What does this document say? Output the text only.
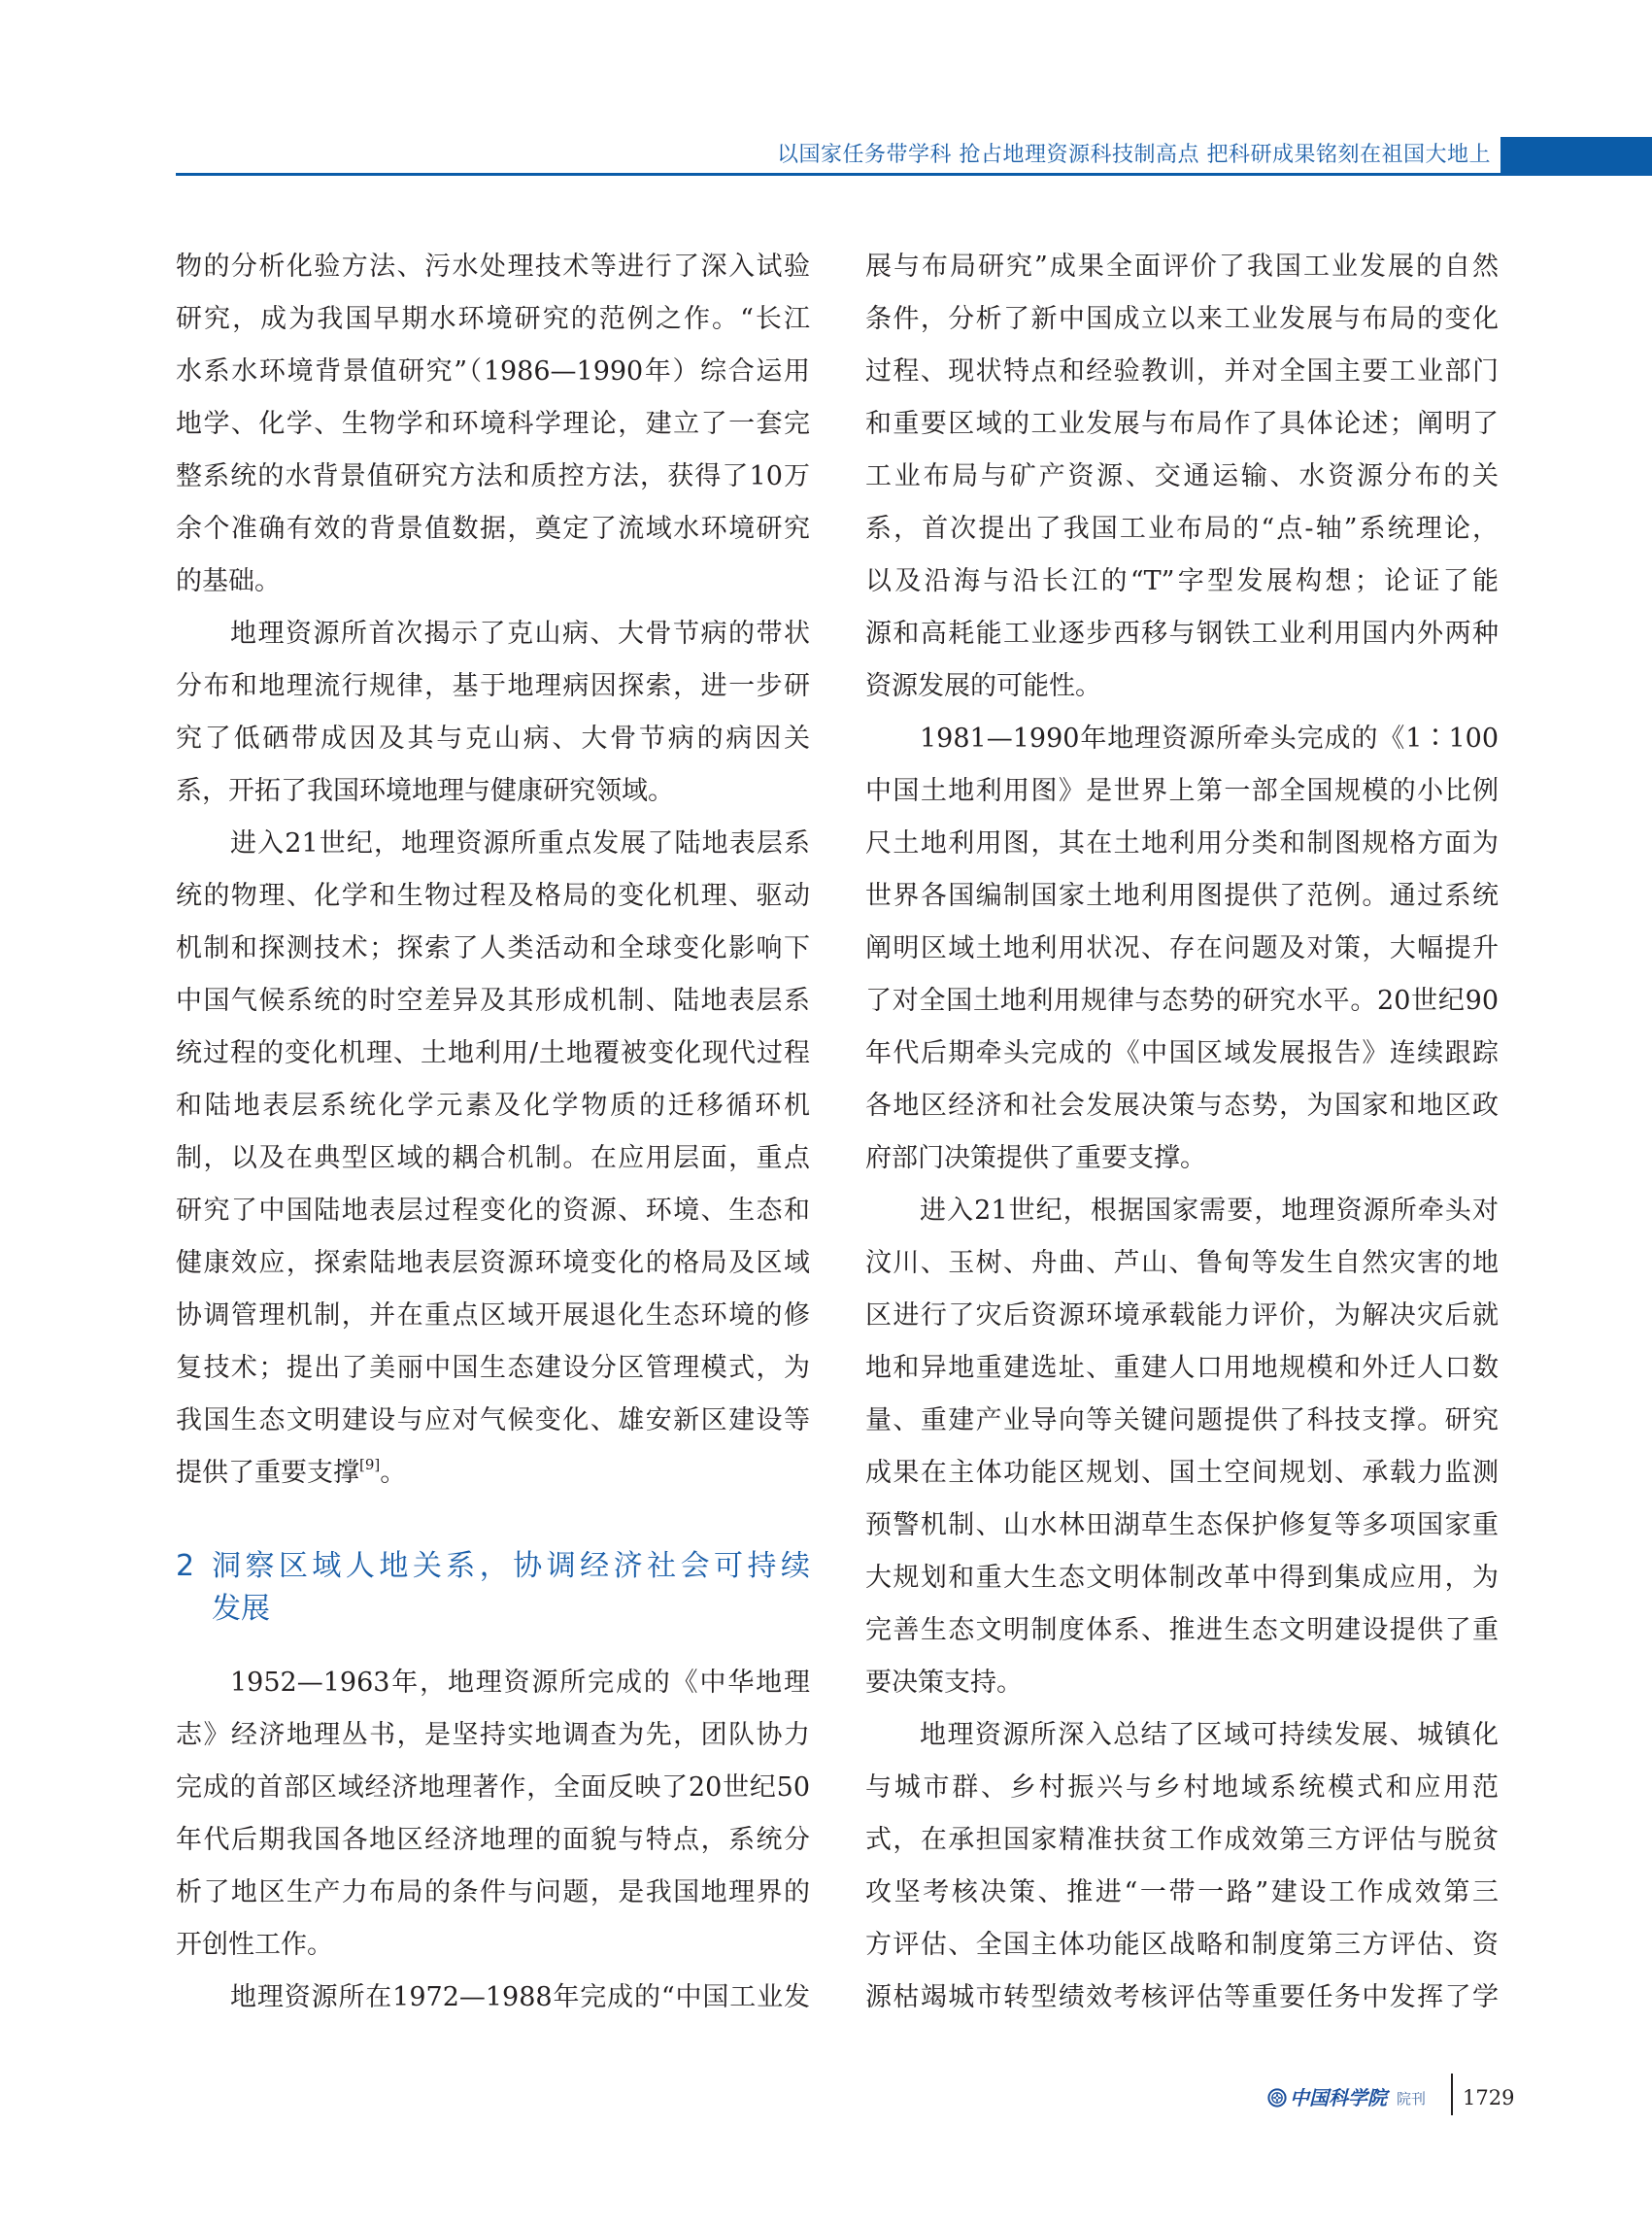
以国家任务带学科 抢占地理资源科技制高点 把科研成果铭刻在祖国大地上
物的分析化验方法、污水处理技术等进行了深入试验
研究，成为我国早期水环境研究的范例之作。“长江
水系水环境背景值研究”（1986—1990年）综合运用
地学、化学、生物学和环境科学理论，建立了一套完
整系统的水背景值研究方法和质控方法，获得了10万
余个准确有效的背景值数据，奠定了流域水环境研究
的基础。
地理资源所首次揭示了克山病、大骨节病的带状
分布和地理流行规律，基于地理病因探索，进一步研
究了低硒带成因及其与克山病、大骨节病的病因关
系，开拓了我国环境地理与健康研究领域。
进入21世纪，地理资源所重点发展了陆地表层系
统的物理、化学和生物过程及格局的变化机理、驱动
机制和探测技术；探索了人类活动和全球变化影响下
中国气候系统的时空差异及其形成机制、陆地表层系
统过程的变化机理、土地利用/土地覆被变化现代过程
和陆地表层系统化学元素及化学物质的迁移循环机
制，以及在典型区域的耦合机制。在应用层面，重点
研究了中国陆地表层过程变化的资源、环境、生态和
健康效应，探索陆地表层资源环境变化的格局及区域
协调管理机制，并在重点区域开展退化生态环境的修
复技术；提出了美丽中国生态建设分区管理模式，为
我国生态文明建设与应对气候变化、雄安新区建设等
提供了重要支撑[9]。
2 洞察区域人地关系，协调经济社会可持续
发展
1952—1963年，地理资源所完成的《中华地理
志》经济地理丛书，是坚持实地调查为先，团队协力
完成的首部区域经济地理著作，全面反映了20世纪50
年代后期我国各地区经济地理的面貌与特点，系统分
析了地区生产力布局的条件与问题，是我国地理界的
开创性工作。
地理资源所在1972—1988年完成的“中国工业发
展与布局研究”成果全面评价了我国工业发展的自然
条件，分析了新中国成立以来工业发展与布局的变化
过程、现状特点和经验教训，并对全国主要工业部门
和重要区域的工业发展与布局作了具体论述；阐明了
工业布局与矿产资源、交通运输、水资源分布的关
系，首次提出了我国工业布局的“点-轴”系统理论，
以及沿海与沿长江的“T”字型发展构想；论证了能
源和高耗能工业逐步西移与钢铁工业利用国内外两种
资源发展的可能性。
1981—1990年地理资源所牵头完成的《1∶100
中国土地利用图》是世界上第一部全国规模的小比例
尺土地利用图，其在土地利用分类和制图规格方面为
世界各国编制国家土地利用图提供了范例。通过系统
阐明区域土地利用状况、存在问题及对策，大幅提升
了对全国土地利用规律与态势的研究水平。20世纪90
年代后期牵头完成的《中国区域发展报告》连续跟踪
各地区经济和社会发展决策与态势，为国家和地区政
府部门决策提供了重要支撑。
进入21世纪，根据国家需要，地理资源所牵头对
汶川、玉树、舟曲、芦山、鲁甸等发生自然灾害的地
区进行了灾后资源环境承载能力评价，为解决灾后就
地和异地重建选址、重建人口用地规模和外迁人口数
量、重建产业导向等关键问题提供了科技支撑。研究
成果在主体功能区规划、国土空间规划、承载力监测
预警机制、山水林田湖草生态保护修复等多项国家重
大规划和重大生态文明体制改革中得到集成应用，为
完善生态文明制度体系、推进生态文明建设提供了重
要决策支持。
地理资源所深入总结了区域可持续发展、城镇化
与城市群、乡村振兴与乡村地域系统模式和应用范
式，在承担国家精准扶贫工作成效第三方评估与脱贫
攻坚考核决策、推进“一带一路”建设工作成效第三
方评估、全国主体功能区战略和制度第三方评估、资
源枯竭城市转型绩效考核评估等重要任务中发挥了学
中国科学院 院刊 1729
